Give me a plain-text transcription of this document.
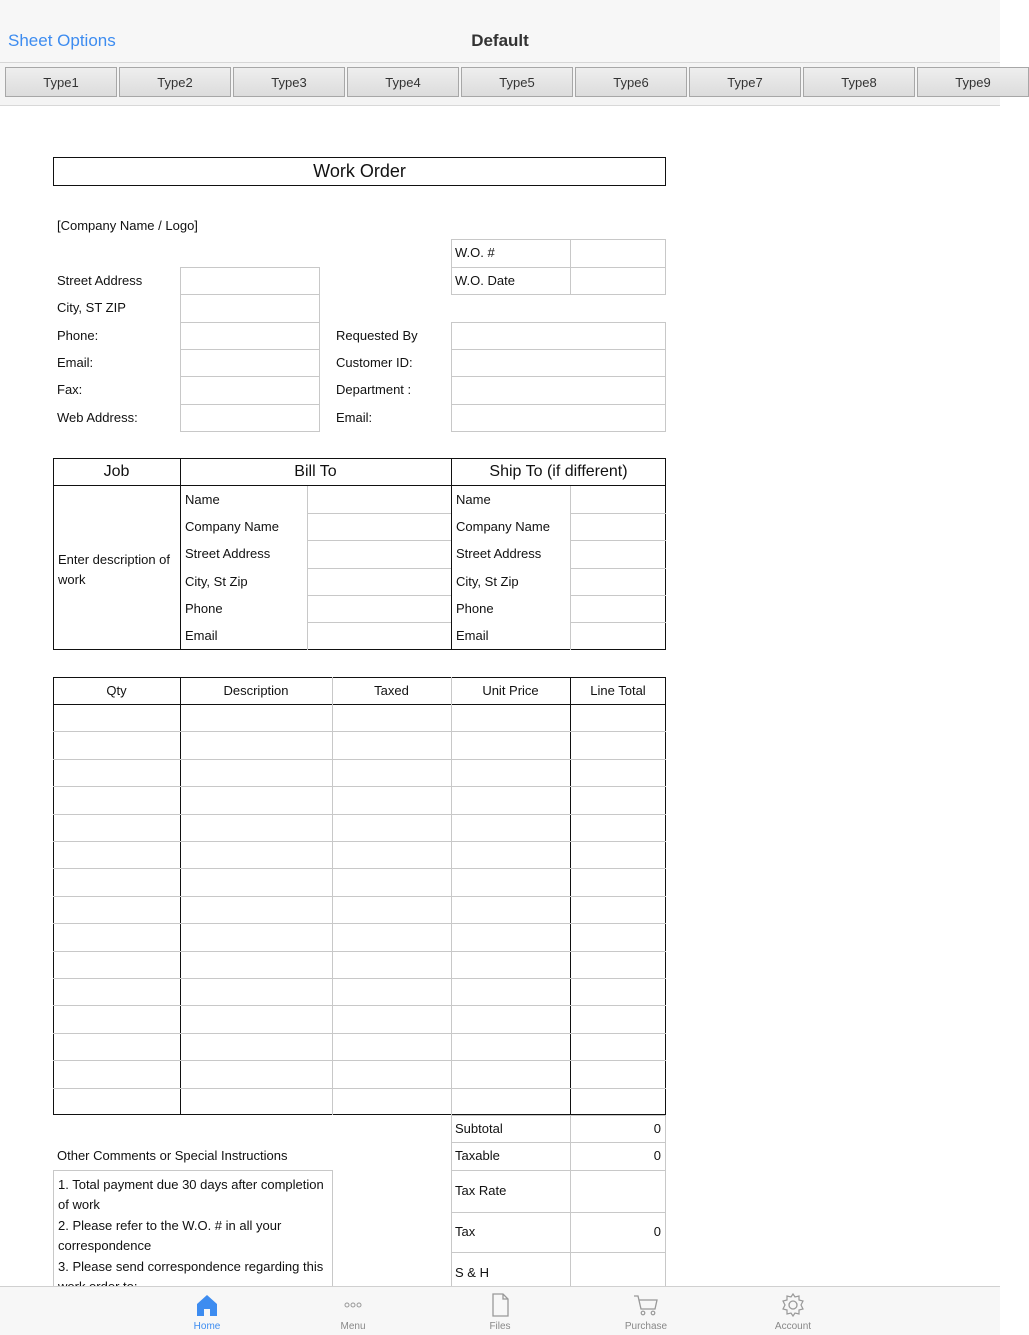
Sheet Options	Default
Type1	Type2	Type3	Type4	Type5	Type6	Type7	Type8	Type9
Work Order
[Company Name / Logo]
W.O. #
W.O. Date
Street Address
City, ST ZIP
Phone:
Email:
Fax:
Web Address:
Requested By
Customer ID:
Department :
Email:
Job	Bill To	Ship To (if different)
Enter description of work
Name
Company Name
Street Address
City, St Zip
Phone
Email
Name
Company Name
Street Address
City, St Zip
Phone
Email
Qty	Description	Taxed	Unit Price	Line Total
Subtotal	0
Taxable	0
Tax Rate
Tax	0
S & H
Other Comments or Special Instructions
1. Total payment due 30 days after completion of work
2. Please refer to the W.O. # in all your correspondence
3. Please send correspondence regarding this
Home	Menu	Files	Purchase	Account
